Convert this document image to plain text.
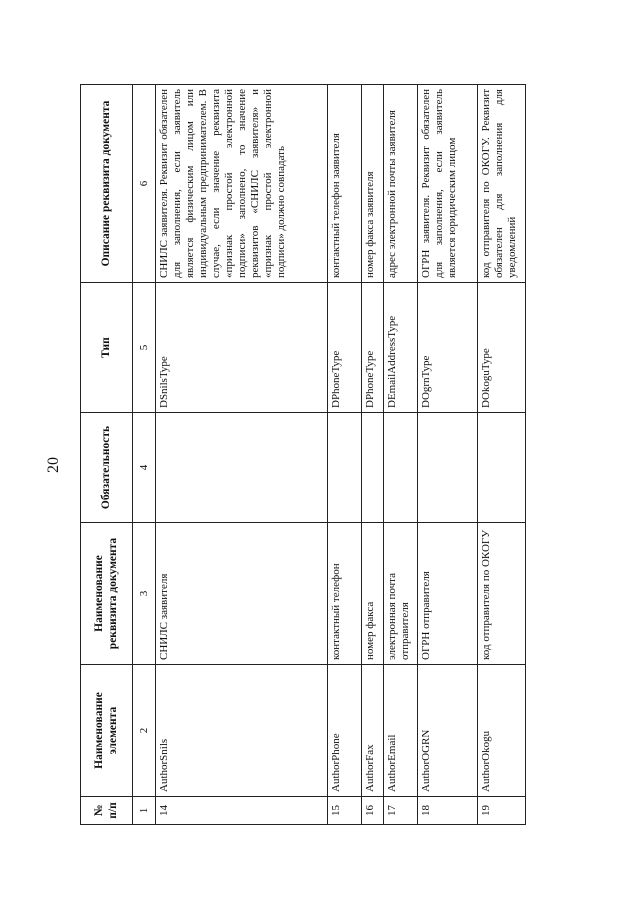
20
№ п/п	Наименование элемента	Наименование реквизита документа	Обязательность	Тип	Описание реквизита документа
1	2	3	4	5	6
14	AuthorSnils	СНИЛС заявителя		DSnilsType	СНИЛС заявителя. Реквизит обязателен для заполнения, если заявитель является физическим лицом или индивидуальным предпринимателем. В случае, если значение реквизита «признак простой электронной подписи» заполнено, то значение реквизитов «СНИЛС заявителя» и «признак простой электронной подписи» должно совпадать
15	AuthorPhone	контактный телефон		DPhoneType	контактный телефон заявителя
16	AuthorFax	номер факса		DPhoneType	номер факса заявителя
17	AuthorEmail	электронная почта отправителя		DEmailAddressType	адрес электронной почты заявителя
18	AuthorOGRN	ОГРН отправителя		DOgrnType	ОГРН заявителя. Реквизит обязателен для заполнения, если заявитель является юридическим лицом
19	AuthorOkogu	код отправителя по ОКОГУ		DOkoguType	код отправителя по ОКОГУ. Реквизит обязателен для заполнения для уведомлений
